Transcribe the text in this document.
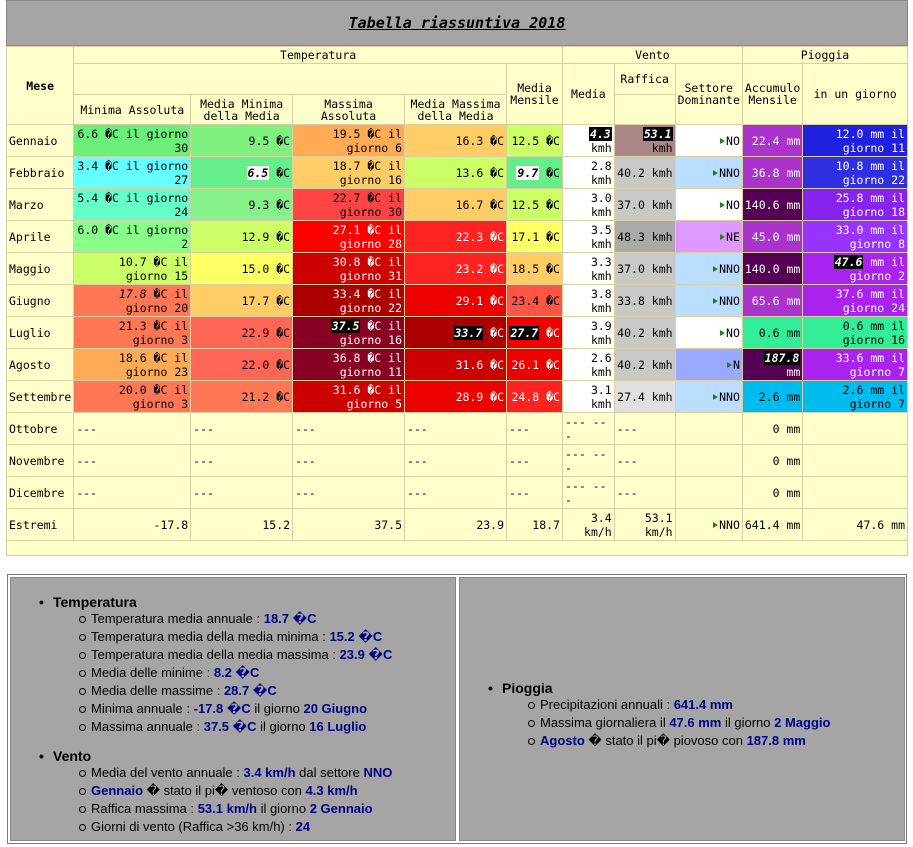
Tabella riassuntiva 2018
Mese	Temperatura					Vento			Pioggia	
					Media Mensile	Media	Raffica	Settore Dominante	Accumulo Mensile	in un giorno
	Minima Assoluta	Media Minima della Media	Massima Assoluta	Media Massima della Media						
Gennaio	6.6 �C il giorno 30	9.5 �C	19.5 �C il giorno 6	16.3 �C	12.5 �C	4.3 kmh	53.1 kmh	NO	22.4 mm	12.0 mm il giorno 11
Febbraio	3.4 �C il giorno 27	6.5 �C	18.7 �C il giorno 16	13.6 �C	9.7 �C	2.8 kmh	40.2 kmh	NNO	36.8 mm	10.8 mm il giorno 22
Marzo	5.4 �C il giorno 24	9.3 �C	22.7 �C il giorno 30	16.7 �C	12.5 �C	3.0 kmh	37.0 kmh	NO	140.6 mm	25.8 mm il giorno 18
Aprile	6.0 �C il giorno 2	12.9 �C	27.1 �C il giorno 28	22.3 �C	17.1 �C	3.5 kmh	48.3 kmh	NE	45.0 mm	33.0 mm il giorno 8
Maggio	10.7 �C il giorno 15	15.0 �C	30.8 �C il giorno 31	23.2 �C	18.5 �C	3.3 kmh	37.0 kmh	NNO	140.0 mm	47.6 mm il giorno 2
Giugno	17.8 �C il giorno 20	17.7 �C	33.4 �C il giorno 22	29.1 �C	23.4 �C	3.8 kmh	33.8 kmh	NNO	65.6 mm	37.6 mm il giorno 24
Luglio	21.3 �C il giorno 3	22.9 �C	37.5 �C il giorno 16	33.7 �C	27.7 �C	3.9 kmh	40.2 kmh	NO	0.6 mm	0.6 mm il giorno 16
Agosto	18.6 �C il giorno 23	22.0 �C	36.8 �C il giorno 11	31.6 �C	26.1 �C	2.6 kmh	40.2 kmh	N	187.8 mm	33.6 mm il giorno 7
Settembre	20.0 �C il giorno 3	21.2 �C	31.6 �C il giorno 5	28.9 �C	24.8 �C	3.1 kmh	27.4 kmh	NNO	2.6 mm	2.6 mm il giorno 7
Ottobre	---	---	---	---	---	--- ---	---		0 mm	
Novembre	---	---	---	---	---	--- ---	---		0 mm	
Dicembre	---	---	---	---	---	--- ---	---		0 mm	
Estremi	-17.8	15.2	37.5	23.9	18.7	3.4 km/h	53.1 km/h	NNO	641.4 mm	47.6 mm

• Temperatura
Temperatura media annuale : 18.7 �C
Temperatura media della media minima : 15.2 �C
Temperatura media della media massima : 23.9 �C
Media delle minime : 8.2 �C
Media delle massime : 28.7 �C
Minima annuale : -17.8 �C il giorno 20 Giugno
Massima annuale : 37.5 �C il giorno 16 Luglio
• Vento
Media del vento annuale : 3.4 km/h dal settore NNO
Gennaio � stato il pi� ventoso con 4.3 km/h
Raffica massima : 53.1 km/h il giorno 2 Gennaio
Giorni di vento (Raffica >36 km/h) : 24
• Pioggia
Precipitazioni annuali : 641.4 mm
Massima giornaliera il 47.6 mm il giorno 2 Maggio
Agosto � stato il pi� piovoso con 187.8 mm
